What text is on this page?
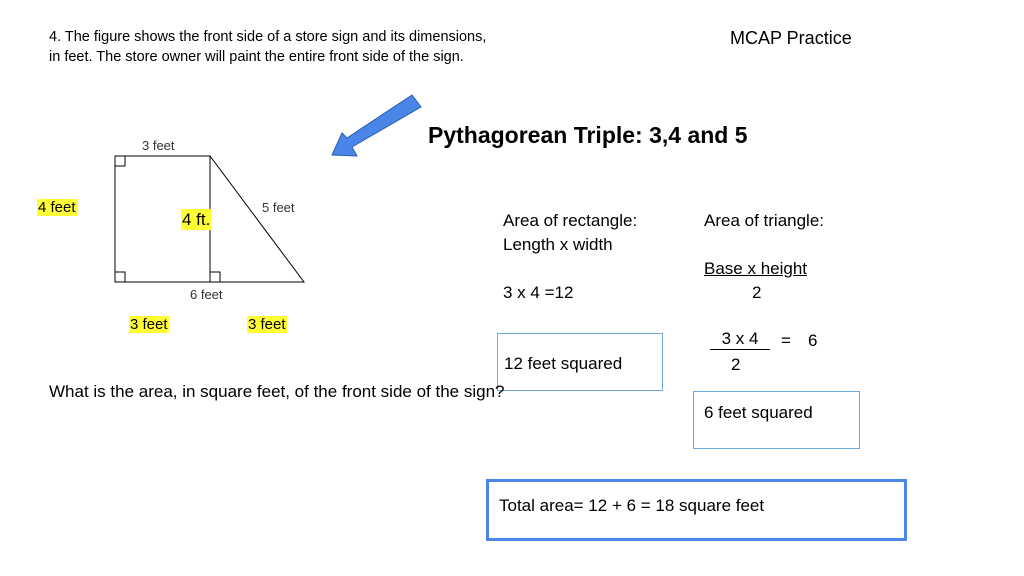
4. The figure shows the front side of a store sign and its dimensions, in feet. The store owner will paint the entire front side of the sign.
MCAP Practice
3 feet
6 feet
5 feet
4 feet
4 ft.
3 feet	3 feet
Pythagorean Triple: 3,4 and 5
Area of rectangle:
Length x width
3 x 4 =12
12 feet squared
Area of triangle:
Base x height
2
3 x 4	= 6
2
6 feet squared
What is the area, in square feet, of the front side of the sign?
Total area= 12 + 6 = 18 square feet
